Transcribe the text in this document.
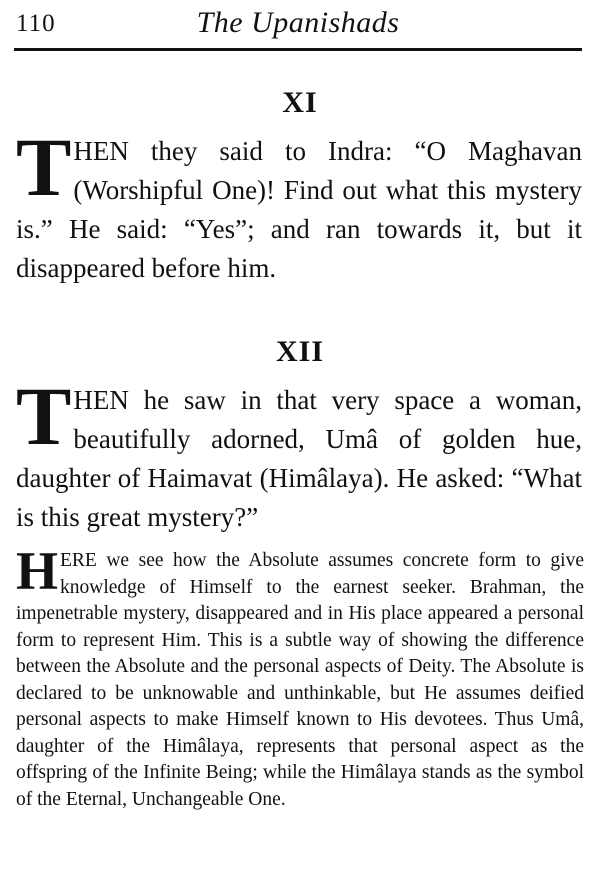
110	The Upanishads
XI
T HEN they said to Indra: “O Maghavan (Worshipful One)! Find out what this mystery is.” He said: “Yes”; and ran towards it, but it disappeared before him.
XII
T HEN he saw in that very space a woman, beautifully adorned, Umâ of golden hue, daughter of Haimavat (Himâlaya). He asked: “What is this great mystery?”
H ERE we see how the Absolute assumes concrete form to give knowledge of Himself to the earnest seeker. Brahman, the impenetrable mystery, disappeared and in His place appeared a personal form to represent Him. This is a subtle way of showing the difference between the Absolute and the personal aspects of Deity. The Absolute is declared to be unknowable and unthinkable, but He assumes deified personal aspects to make Himself known to His devotees. Thus Umâ, daughter of the Himâlaya, represents that personal aspect as the offspring of the Infinite Being; while the Himâlaya stands as the symbol of the Eternal, Unchangeable One.
